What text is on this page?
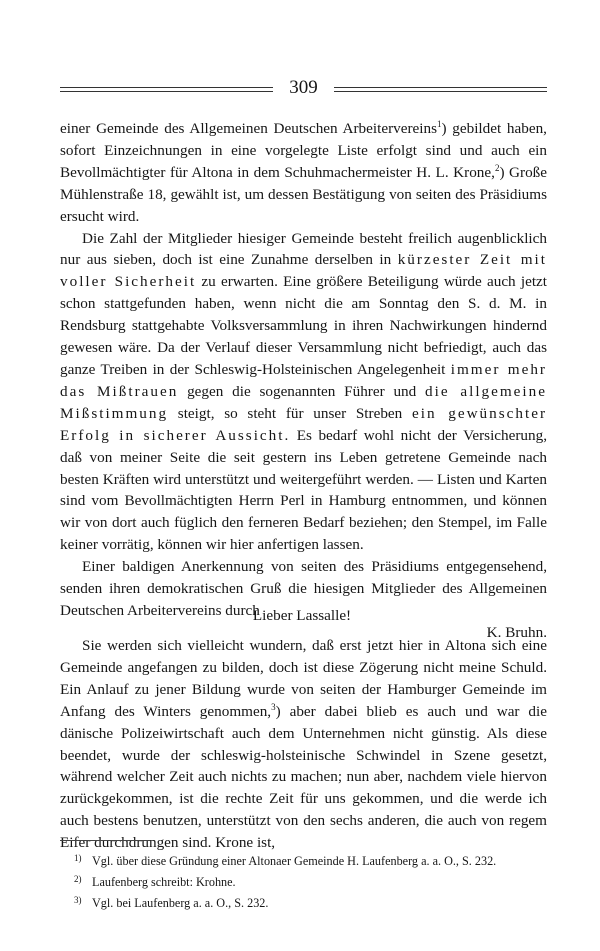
309

einer Gemeinde des Allgemeinen Deutschen Arbeitervereins$^1$) gebildet haben, sofort Einzeichnungen in eine vorgelegte Liste erfolgt sind und auch ein Bevollmächtigter für Altona in dem Schuhmachermeister H. L. Krone,$^2$) Große Mühlenstraße 18, gewählt ist, um dessen Bestätigung von seiten des Präsidiums ersucht wird.

Die Zahl der Mitglieder hiesiger Gemeinde besteht freilich augenblicklich nur aus sieben, doch ist eine Zunahme derselben in kürzester Zeit mit voller Sicherheit zu erwarten. Eine größere Beteiligung würde auch jetzt schon stattgefunden haben, wenn nicht die am Sonntag den S. d. M. in Rendsburg stattgehabte Volksversammlung in ihren Nachwirkungen hindernd gewesen wäre. Da der Verlauf dieser Versammlung nicht befriedigt, auch das ganze Treiben in der Schleswig-Holsteinischen Angelegenheit immer mehr das Mißtrauen gegen die sogenannten Führer und die allgemeine Mißstimmung steigt, so steht für unser Streben ein gewünschter Erfolg in sicherer Aussicht. Es bedarf wohl nicht der Versicherung, daß von meiner Seite die seit gestern ins Leben getretene Gemeinde nach besten Kräften wird unterstützt und weitergeführt werden. — Listen und Karten sind vom Bevollmächtigten Herrn Perl in Hamburg entnommen, und können wir von dort auch füglich den ferneren Bedarf beziehen; den Stempel, im Falle keiner vorrätig, können wir hier anfertigen lassen.

Einer baldigen Anerkennung von seiten des Präsidiums entgegensehend, senden ihren demokratischen Gruß die hiesigen Mitglieder des Allgemeinen Deutschen Arbeitervereins durch

K. Bruhn.

Lieber Lassalle!

Sie werden sich vielleicht wundern, daß erst jetzt hier in Altona sich eine Gemeinde angefangen zu bilden, doch ist diese Zögerung nicht meine Schuld. Ein Anlauf zu jener Bildung wurde von seiten der Hamburger Gemeinde im Anfang des Winters genommen,$^3$) aber dabei blieb es auch und war die dänische Polizeiwirtschaft auch dem Unternehmen nicht günstig. Als diese beendet, wurde der schleswig-holsteinische Schwindel in Szene gesetzt, während welcher Zeit auch nichts zu machen; nun aber, nachdem viele hiervon zurückgekommen, ist die rechte Zeit für uns gekommen, und die werde ich auch bestens benutzen, unterstützt von den sechs anderen, die auch von regem Eifer durchdrungen sind. Krone ist,

1) Vgl. über diese Gründung einer Altonaer Gemeinde H. Laufenberg a. a. O., S. 232.

2) Laufenberg schreibt: Krohne.

3) Vgl. bei Laufenberg a. a. O., S. 232.
